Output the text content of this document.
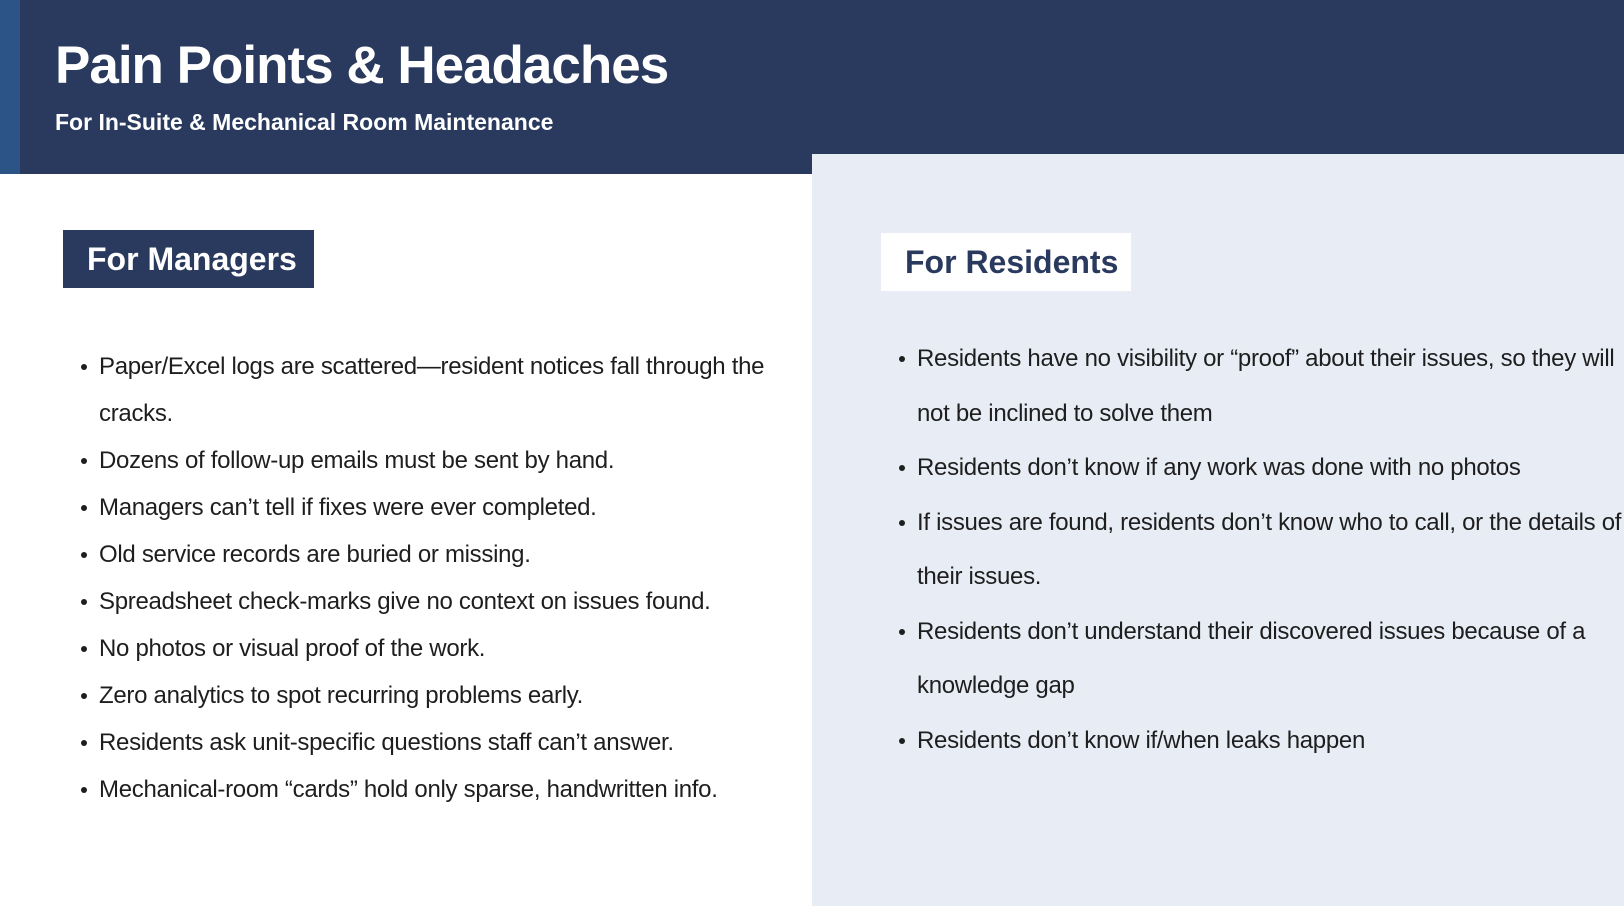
Pain Points & Headaches
For In-Suite & Mechanical Room Maintenance
For Managers
Paper/Excel logs are scattered—resident notices fall through the cracks.
Dozens of follow-up emails must be sent by hand.
Managers can’t tell if fixes were ever completed.
Old service records are buried or missing.
Spreadsheet check-marks give no context on issues found.
No photos or visual proof of the work.
Zero analytics to spot recurring problems early.
Residents ask unit-specific questions staff can’t answer.
Mechanical-room “cards” hold only sparse, handwritten info.
For Residents
Residents have no visibility or “proof” about their issues, so they will not be inclined to solve them
Residents don’t know if any work was done with no photos
If issues are found, residents don’t know who to call, or the details of their issues.
Residents don’t understand their discovered issues because of a knowledge gap
Residents don’t know if/when leaks happen
